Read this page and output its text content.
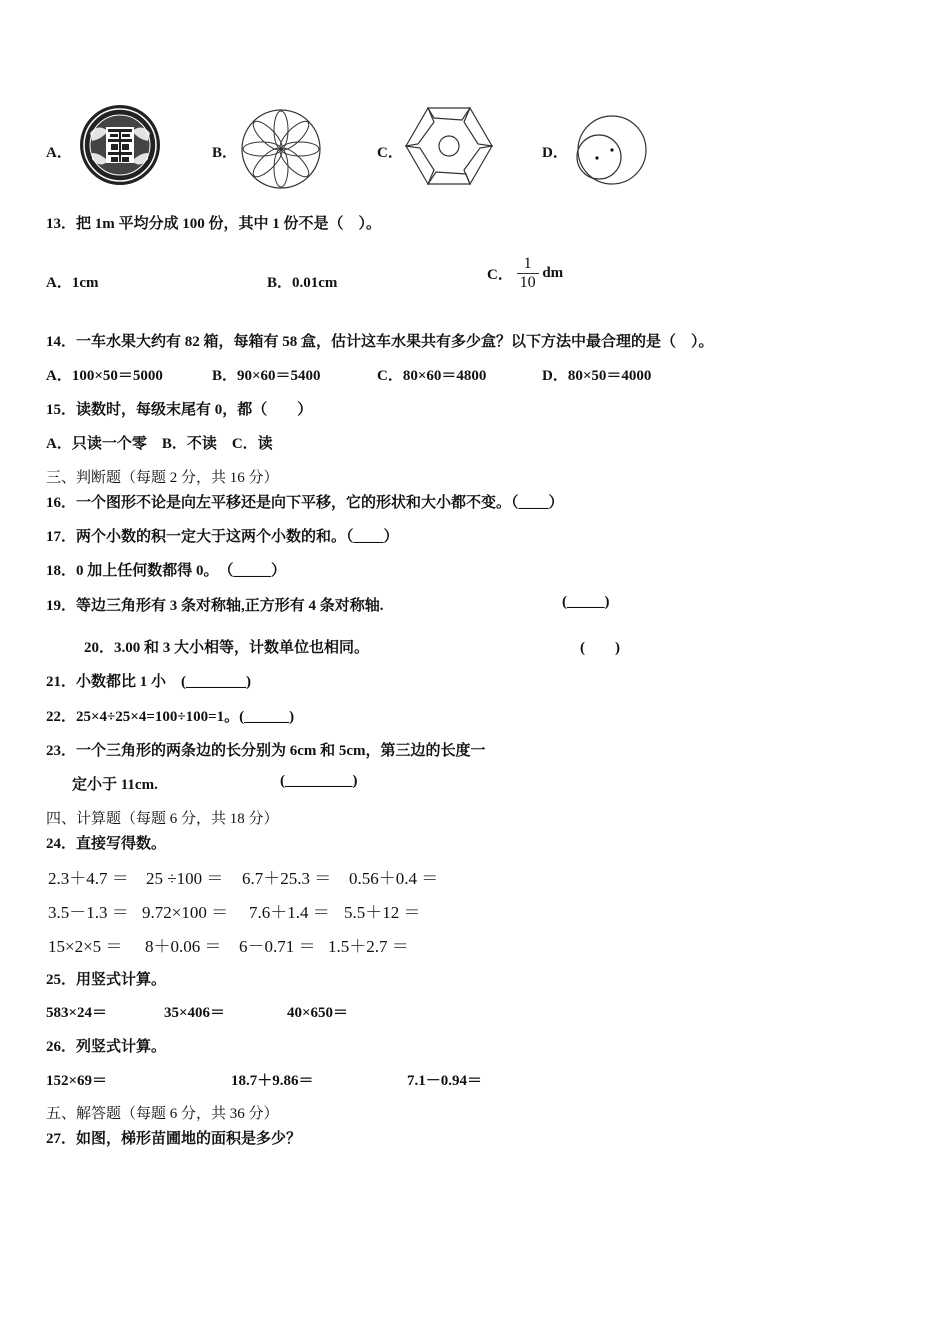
A．	B．	C．	D．
13．把 1m 平均分成 100 份，其中 1 份不是（　）。
A．1cm	B．0.01cm	C． $\frac{1}{10}$ dm
14．一车水果大约有 82 箱，每箱有 58 盒，估计这车水果共有多少盒？以下方法中最合理的是（　）。
A．100×50＝5000	B．90×60＝5400	C．80×60＝4800	D．80×50＝4000
15．读数时，每级末尾有 0，都（　　）
A．只读一个零　B．不读　C．读
三、判断题（每题 2 分，共 16 分）
16．一个图形不论是向左平移还是向下平移，它的形状和大小都不变。（____）
17．两个小数的积一定大于这两个小数的和。（____）
18．0 加上任何数都得 0。　（_____）
19．等边三角形有 3 条对称轴,正方形有 4 条对称轴.	(_____)
20．3.00 和 3 大小相等，计数单位也相同。	(　　)
21．小数都比 1 小　(________)
22．25×4÷25×4=100÷100=1。(______)
23．一个三角形的两条边的长分别为 6cm 和 5cm，第三边的长度一
定小于 11cm.	(_________)
四、计算题（每题 6 分，共 18 分）
24．直接写得数。
2.3＋4.7 ＝ 25 ÷100 ＝ 6.7＋25.3 ＝ 0.56＋0.4 ＝
3.5－1.3 ＝ 9.72×100 ＝ 7.6＋1.4 ＝ 5.5＋12 ＝
15×2×5 ＝ 8＋0.06 ＝ 6－0.71 ＝ 1.5＋2.7 ＝
25．用竖式计算。
583×24＝	35×406＝	40×650＝
26．列竖式计算。
152×69＝	18.7＋9.86＝	7.1－0.94＝
五、解答题（每题 6 分，共 36 分）
27．如图，梯形苗圃地的面积是多少？
